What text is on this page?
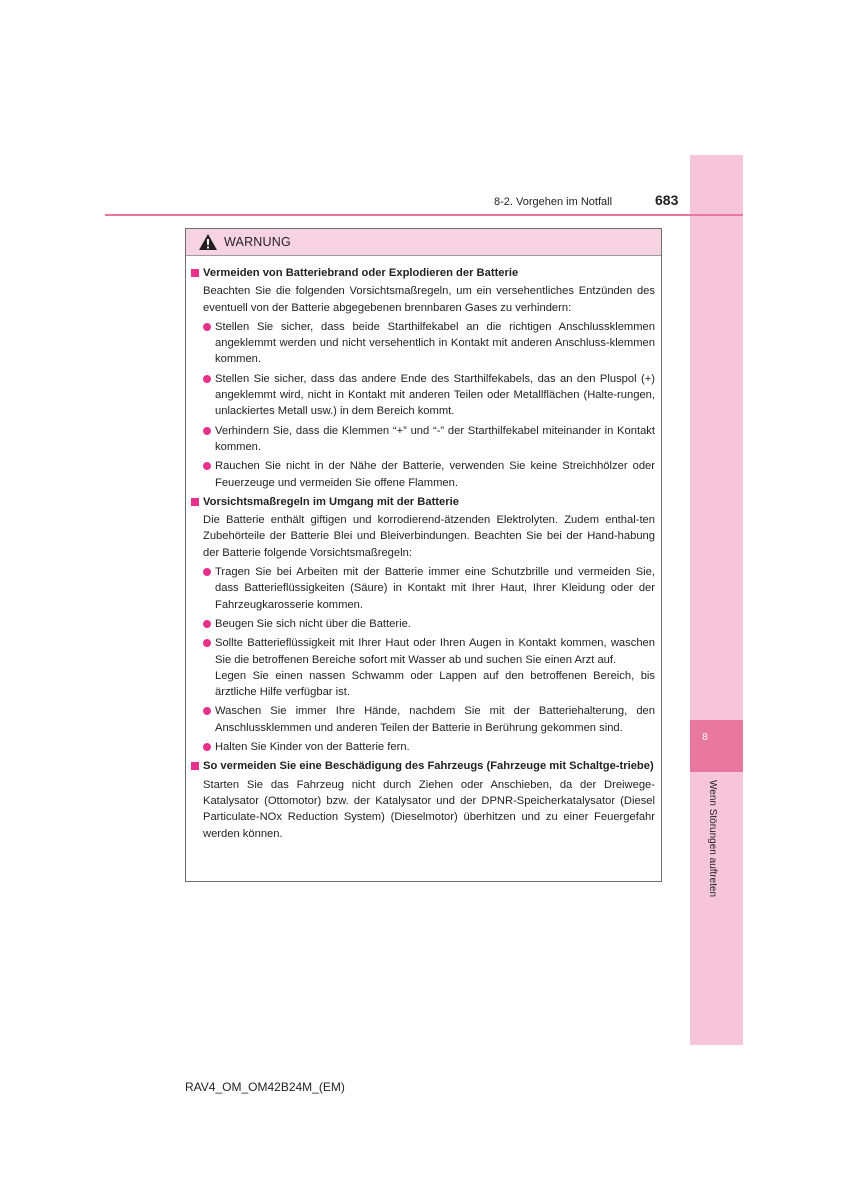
8
Wenn Störungen auftreten
8-2. Vorgehen im Notfall	683
WARNUNG
Vermeiden von Batteriebrand oder Explodieren der Batterie
Beachten Sie die folgenden Vorsichtsmaßregeln, um ein versehentliches Entzünden des eventuell von der Batterie abgegebenen brennbaren Gases zu verhindern:
Stellen Sie sicher, dass beide Starthilfekabel an die richtigen Anschlussklemmen angeklemmt werden und nicht versehentlich in Kontakt mit anderen Anschluss-klemmen kommen.
Stellen Sie sicher, dass das andere Ende des Starthilfekabels, das an den Pluspol (+) angeklemmt wird, nicht in Kontakt mit anderen Teilen oder Metallflächen (Halte-rungen, unlackiertes Metall usw.) in dem Bereich kommt.
Verhindern Sie, dass die Klemmen “+” und “-” der Starthilfekabel miteinander in Kontakt kommen.
Rauchen Sie nicht in der Nähe der Batterie, verwenden Sie keine Streichhölzer oder Feuerzeuge und vermeiden Sie offene Flammen.
Vorsichtsmaßregeln im Umgang mit der Batterie
Die Batterie enthält giftigen und korrodierend-ätzenden Elektrolyten. Zudem enthal-ten Zubehörteile der Batterie Blei und Bleiverbindungen. Beachten Sie bei der Hand-habung der Batterie folgende Vorsichtsmaßregeln:
Tragen Sie bei Arbeiten mit der Batterie immer eine Schutzbrille und vermeiden Sie, dass Batterieflüssigkeiten (Säure) in Kontakt mit Ihrer Haut, Ihrer Kleidung oder der Fahrzeugkarosserie kommen.
Beugen Sie sich nicht über die Batterie.
Sollte Batterieflüssigkeit mit Ihrer Haut oder Ihren Augen in Kontakt kommen, waschen Sie die betroffenen Bereiche sofort mit Wasser ab und suchen Sie einen Arzt auf.
Legen Sie einen nassen Schwamm oder Lappen auf den betroffenen Bereich, bis ärztliche Hilfe verfügbar ist.
Waschen Sie immer Ihre Hände, nachdem Sie mit der Batteriehalterung, den Anschlussklemmen und anderen Teilen der Batterie in Berührung gekommen sind.
Halten Sie Kinder von der Batterie fern.
So vermeiden Sie eine Beschädigung des Fahrzeugs (Fahrzeuge mit Schaltge-triebe)
Starten Sie das Fahrzeug nicht durch Ziehen oder Anschieben, da der Dreiwege-Katalysator (Ottomotor) bzw. der Katalysator und der DPNR-Speicherkatalysator (Diesel Particulate-NOx Reduction System) (Dieselmotor) überhitzen und zu einer Feuergefahr werden können.
RAV4_OM_OM42B24M_(EM)
